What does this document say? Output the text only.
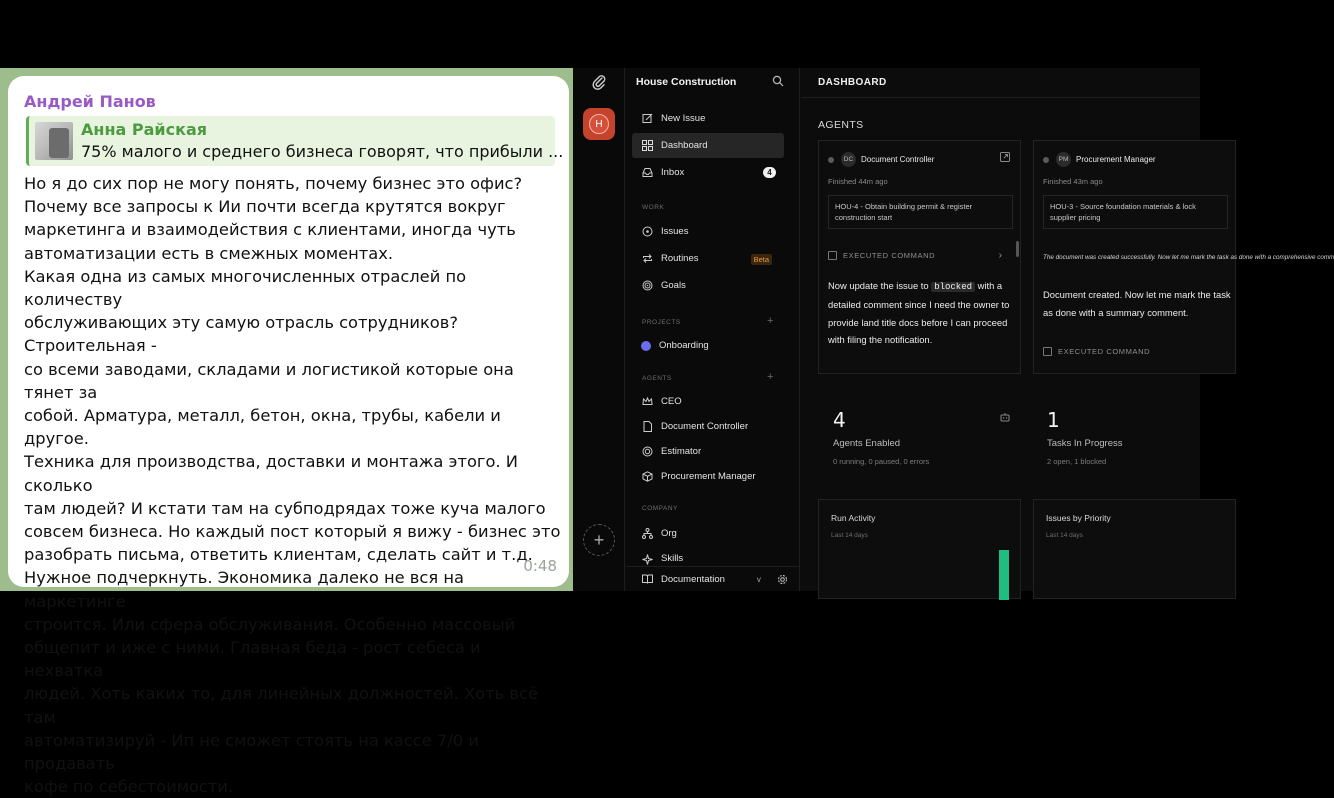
Андрей Панов
Анна Райская
75% малого и среднего бизнеса говорят, что прибыли ...
Но я до сих пор не могу понять, почему бизнес это офис?
Почему все запросы к Ии почти всегда крутятся вокруг
маркетинга и взаимодействия с клиентами, иногда чуть
автоматизации есть в смежных моментах.
Какая одна из самых многочисленных отраслей по количеству
обслуживающих эту самую отрасль сотрудников? Строительная -
со всеми заводами, складами и логистикой которые она тянет за
собой. Арматура, металл, бетон, окна, трубы, кабели и другое.
Техника для производства, доставки и монтажа этого. И сколько
там людей? И кстати там на субподрядах тоже куча малого
совсем бизнеса. Но каждый пост который я вижу - бизнес это
разобрать письма, ответить клиентам, сделать сайт и т.д.
Нужное подчеркнуть. Экономика далеко не вся на маркетинге
строится. Или сфера обслуживания. Особенно массовый
общепит и иже с ними. Главная беда - рост себеса и нехватка
людей. Хоть каких то, для линейных должностей. Хоть всё там
автоматизируй - Ип не сможет стоять на кассе 7/0 и продавать
кофе по себестоимости.
0:48
H
+
House Construction
New Issue
Dashboard
Inbox	4
WORK
Issues
Routines	Beta
Goals
PROJECTS	+
Onboarding
AGENTS	+
CEO
Document Controller
Estimator
Procurement Manager
COMPANY
Org
Skills
Documentation	v
DASHBOARD
AGENTS
DC Document Controller
Finished 44m ago
HOU-4 - Obtain building permit & register construction start
EXECUTED COMMAND	›
Now update the issue to blocked with a detailed comment since I need the owner to provide land title docs before I can proceed with filing the notification.
PM Procurement Manager
Finished 43m ago
HOU-3 - Source foundation materials & lock supplier pricing
The document was created successfully. Now let me mark the task as done with a comprehensive comm
Document created. Now let me mark the task as done with a summary comment.
EXECUTED COMMAND
4
Agents Enabled
0 running, 0 paused, 0 errors
1
Tasks In Progress
2 open, 1 blocked
Run Activity
Last 14 days
Issues by Priority
Last 14 days
